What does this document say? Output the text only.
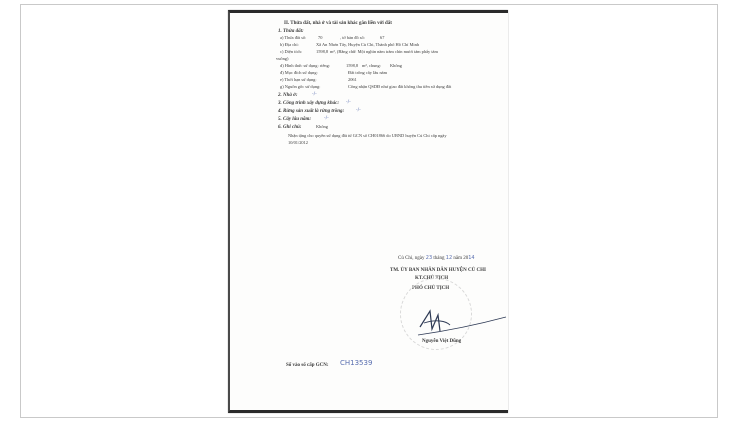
II. Thửa đất, nhà ở và tài sản khác gắn liền với đất
1. Thửa đất:
a) Thửa đất số:	70	, tờ bản đồ số:	67
b) Địa chỉ:	Xã An Nhơn Tây, Huyện Củ Chi, Thành phố Hồ Chí Minh
c) Diện tích:	1598,8 m², (Bằng chữ: Một nghìn năm trăm chín mươi tám phẩy tám
vuông)
d) Hình thức sử dụng: riêng:	1598,8 m², chung: Không
đ) Mục đích sử dụng:	Đất trồng cây lâu năm
e) Thời hạn sử dụng:	2061
g) Nguồn gốc sử dụng:	Công nhận QSDĐ như giao đất không thu tiền sử dụng đất
2. Nhà ở:	-/-
3. Công trình xây dựng khác: -/-
4. Rừng sản xuất là rừng trồng:	-/-
5. Cây lâu năm:	-/-
6. Ghi chú:	Không
Nhận tặng cho quyền sử dụng đất từ GCN số CH01866 do UBND huyện Củ Chi cấp ngày
10/01/2012
Củ Chi, ngày 23 tháng 12 năm 2014
TM. ỦY BAN NHÂN DÂN HUYỆN CỦ CHI
KT.CHỦ TỊCH
PHÓ CHỦ TỊCH
Nguyễn Việt Dũng
Số vào sổ cấp GCN: CH13539
